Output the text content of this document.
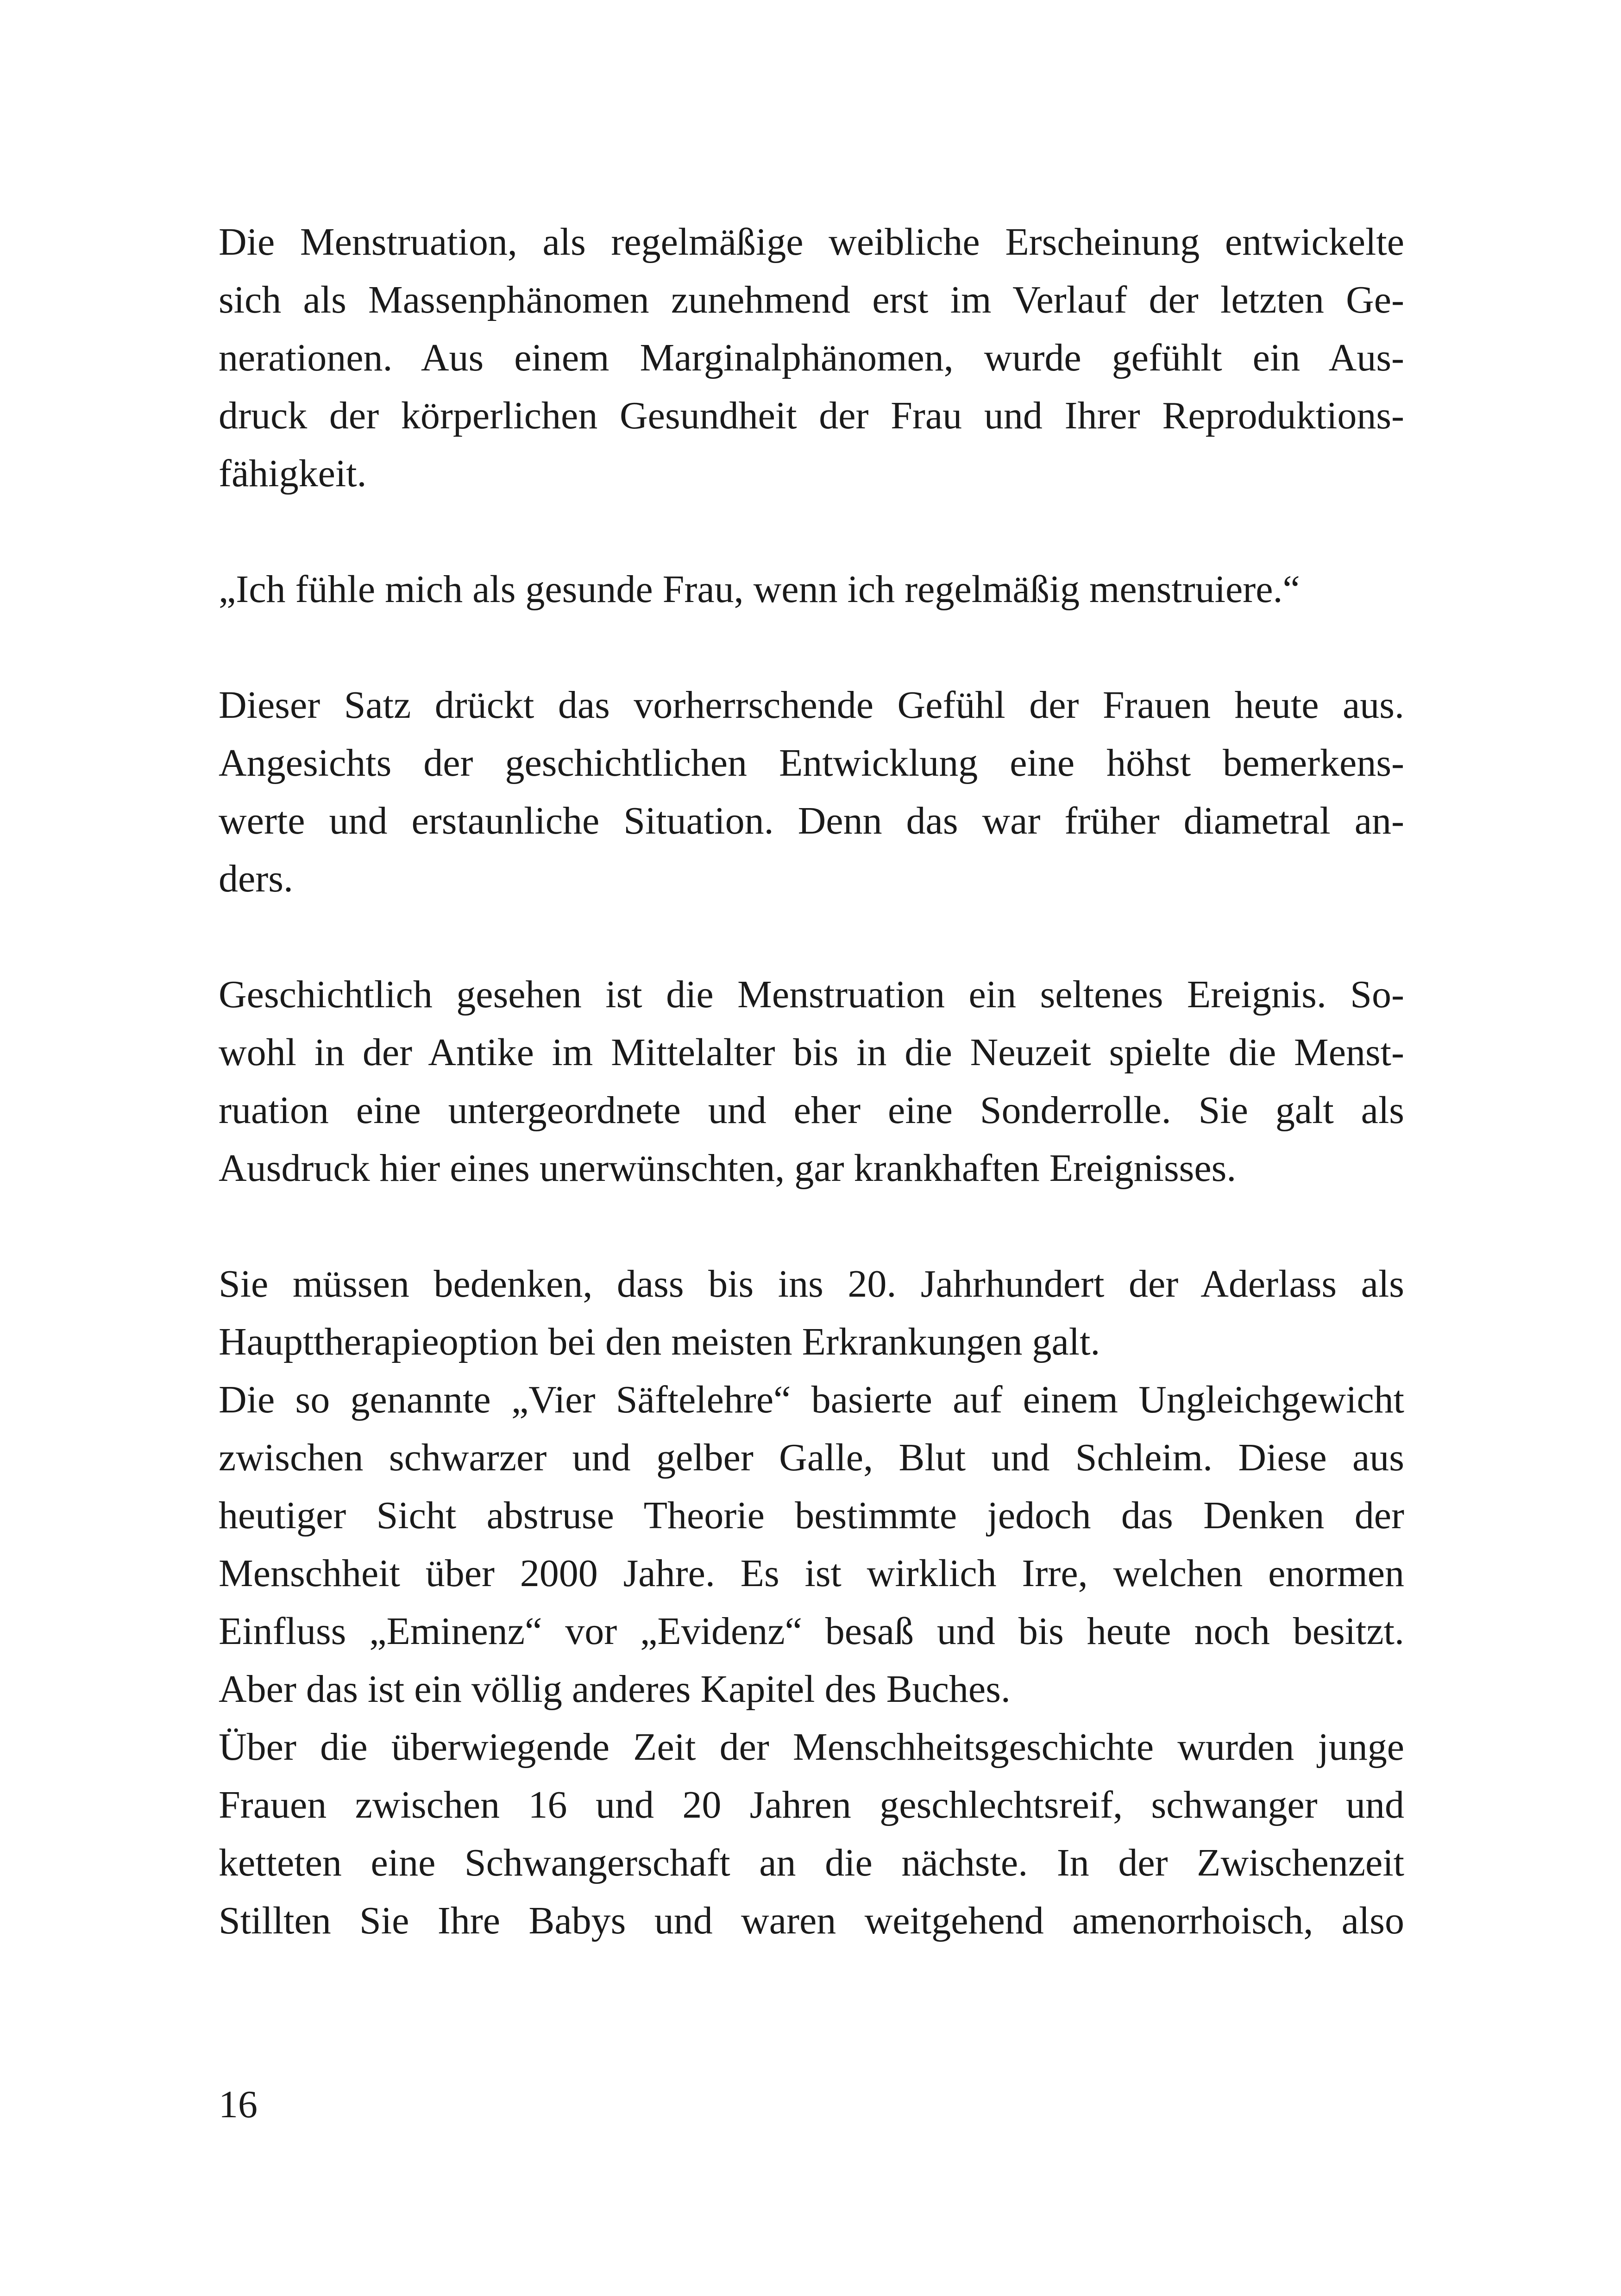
Die Menstruation, als regelmäßige weibliche Erscheinung entwickelte
sich als Massenphänomen zunehmend erst im Verlauf der letzten Ge-
nerationen. Aus einem Marginalphänomen, wurde gefühlt ein Aus-
druck der körperlichen Gesundheit der Frau und Ihrer Reproduktions-
fähigkeit.
„Ich fühle mich als gesunde Frau, wenn ich regelmäßig menstruiere.“
Dieser Satz drückt das vorherrschende Gefühl der Frauen heute aus.
Angesichts der geschichtlichen Entwicklung eine höhst bemerkens-
werte und erstaunliche Situation. Denn das war früher diametral an-
ders.
Geschichtlich gesehen ist die Menstruation ein seltenes Ereignis. So-
wohl in der Antike im Mittelalter bis in die Neuzeit spielte die Menst-
ruation eine untergeordnete und eher eine Sonderrolle. Sie galt als
Ausdruck hier eines unerwünschten, gar krankhaften Ereignisses.
Sie müssen bedenken, dass bis ins 20. Jahrhundert der Aderlass als
Haupttherapieoption bei den meisten Erkrankungen galt.
Die so genannte „Vier Säftelehre“ basierte auf einem Ungleichgewicht
zwischen schwarzer und gelber Galle, Blut und Schleim. Diese aus
heutiger Sicht abstruse Theorie bestimmte jedoch das Denken der
Menschheit über 2000 Jahre. Es ist wirklich Irre, welchen enormen
Einfluss „Eminenz“ vor „Evidenz“ besaß und bis heute noch besitzt.
Aber das ist ein völlig anderes Kapitel des Buches.
Über die überwiegende Zeit der Menschheitsgeschichte wurden junge
Frauen zwischen 16 und 20 Jahren geschlechtsreif, schwanger und
ketteten eine Schwangerschaft an die nächste. In der Zwischenzeit
Stillten Sie Ihre Babys und waren weitgehend amenorrhoisch, also
16
